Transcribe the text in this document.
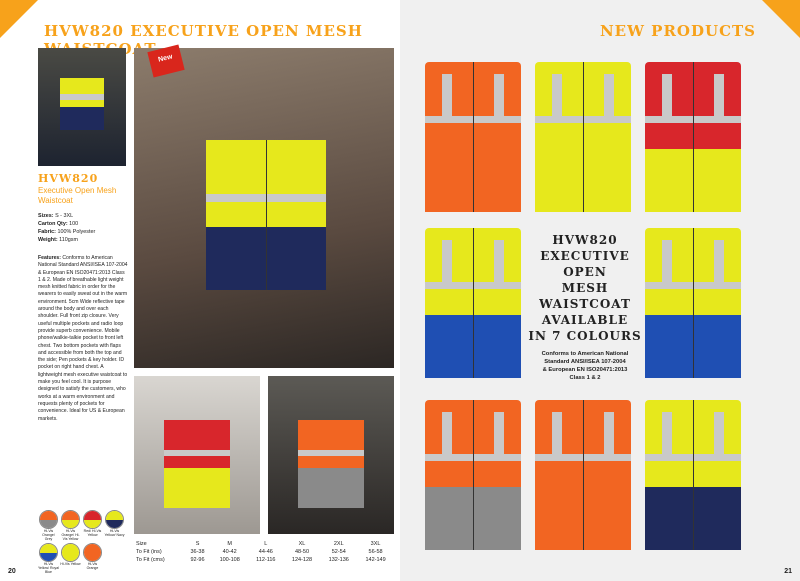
HVW820 EXECUTIVE OPEN MESH
New
HVW820
Executive Open Mesh Waistcoat
Sizes: S - 3XL
Carton Qty: 100
Fabric: 100% Polyester
Weight: 110gsm
Features: Conforms to American National Standard ANSI/ISEA 107-2004 & European EN ISO20471:2013 Class 1 & 2. Made of breathable light weight mesh knitted fabric in order for the wearers to easily sweat out in the warm environment. 5cm Wide reflective tape around the body and over each shoulder. Full front zip closure. Very useful multiple pockets and radio loop provide superb convenience. Mobile phone/walkie-talkie pocket to front left chest. Two bottom pockets with flaps and accessible from both the top and the side; Pen pockets & key holder. ID pocket on right hand chest. A lightweight mesh executive waistcoat to make you feel cool. It is purpose designed to satisfy the customers, who works at a warm environment and requests plenty of pockets for convenience. Ideal for US & European markets.
Hi-Vis Orange/ Grey
Hi-Vis Orange/ Hi-Vis Yellow
Red/ Hi-Vis Yellow
Hi-Vis Yellow/ Navy
Hi-Vis Yellow/ Royal Blue
Hi-Vis Yellow	Hi-Vis Orange
Size	S	M	L	XL	2XL	3XL
To Fit (ins)	36-38	40-42	44-46	48-50	52-54	56-58
To Fit (cms)	92-96	100-108	112-116	124-128	132-136	142-149
20
NEW PRODUCTS
21
HVW820
EXECUTIVE OPEN
MESH WAISTCOAT
AVAILABLE
IN 7 COLOURS
Conforms to American National
Standard ANSI/ISEA 107-2004
& European EN ISO20471:2013
Class 1 & 2
